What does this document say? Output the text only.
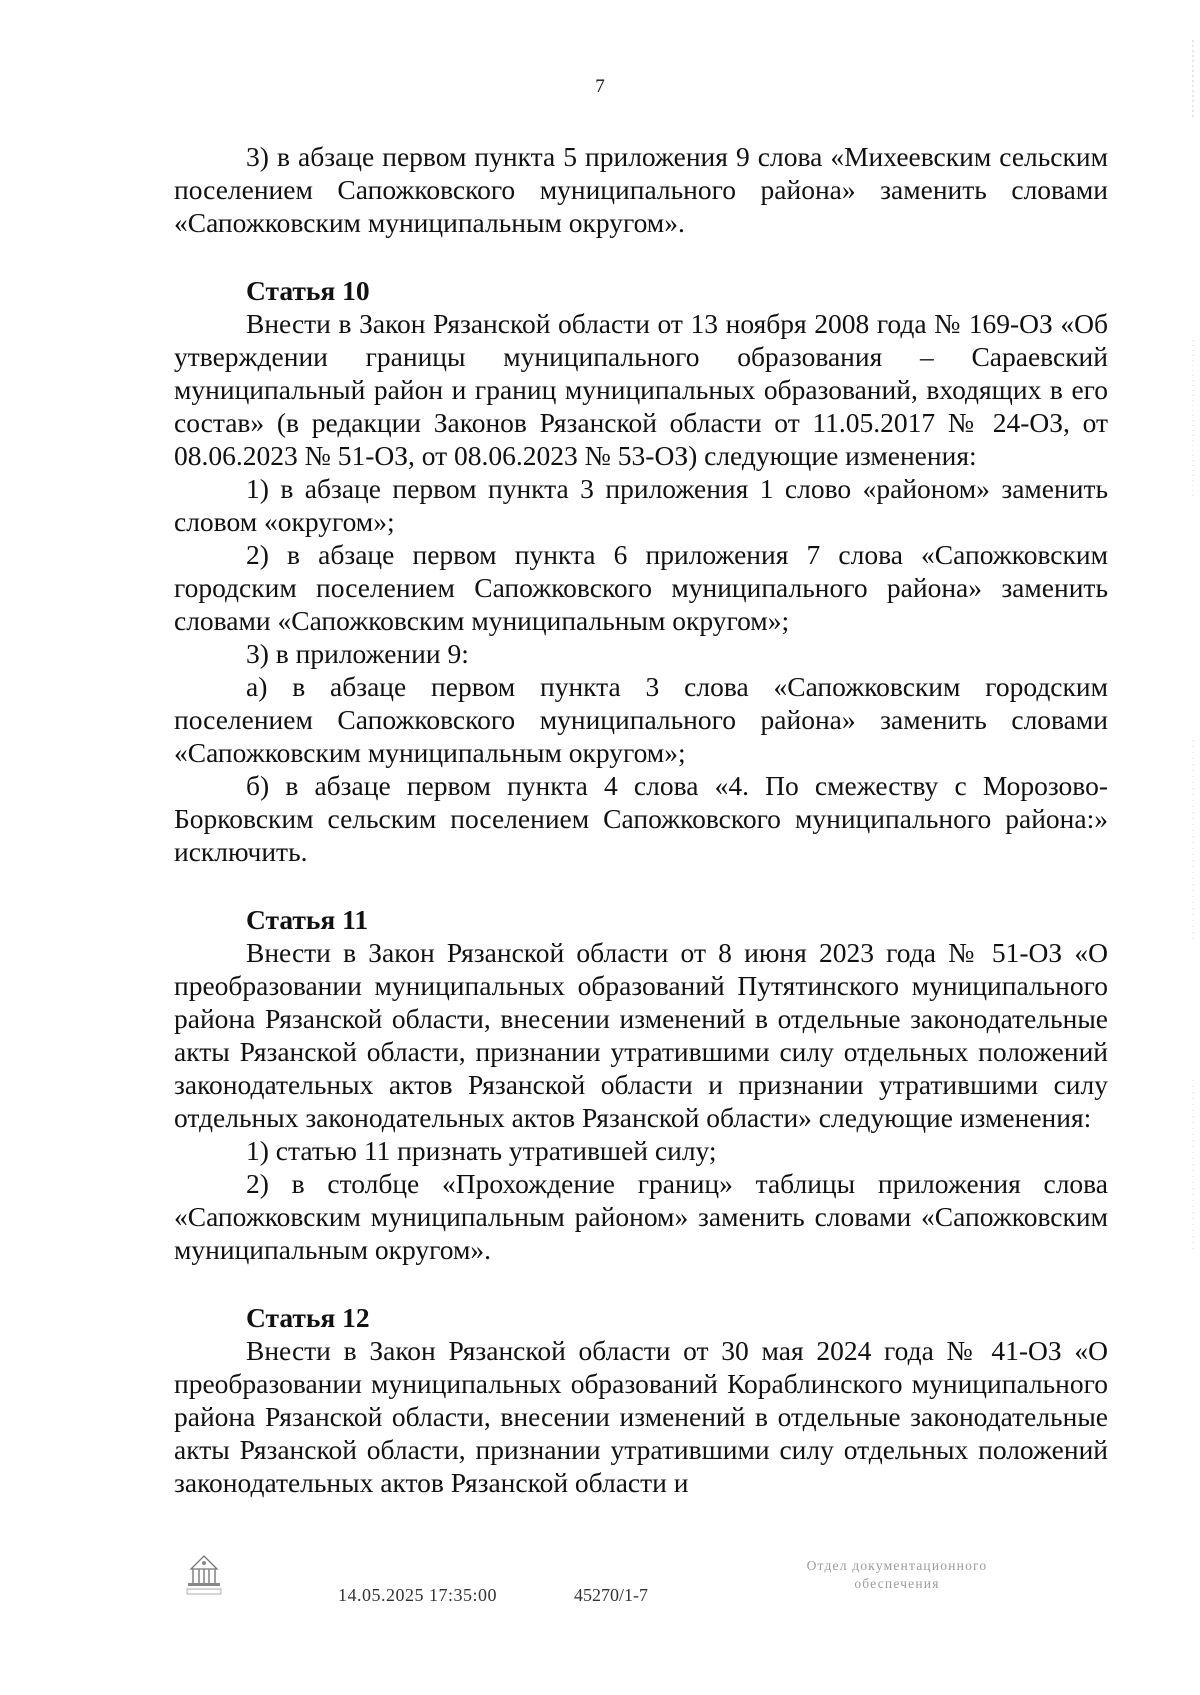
7
3) в абзаце первом пункта 5 приложения 9 слова «Михеевским сельским поселением Сапожковского муниципального района» заменить словами «Сапожковским муниципальным округом».
Статья 10
Внести в Закон Рязанской области от 13 ноября 2008 года № 169-ОЗ «Об утверждении границы муниципального образования – Сараевский муниципальный район и границ муниципальных образований, входящих в его состав» (в редакции Законов Рязанской области от 11.05.2017 № 24-ОЗ, от 08.06.2023 № 51-ОЗ, от 08.06.2023 № 53-ОЗ) следующие изменения:
1) в абзаце первом пункта 3 приложения 1 слово «районом» заменить словом «округом»;
2) в абзаце первом пункта 6 приложения 7 слова «Сапожковским городским поселением Сапожковского муниципального района» заменить словами «Сапожковским муниципальным округом»;
3) в приложении 9:
а) в абзаце первом пункта 3 слова «Сапожковским городским поселением Сапожковского муниципального района» заменить словами «Сапожковским муниципальным округом»;
б) в абзаце первом пункта 4 слова «4. По смежеству с Морозово-Борковским сельским поселением Сапожковского муниципального района:» исключить.
Статья 11
Внести в Закон Рязанской области от 8 июня 2023 года № 51-ОЗ «О преобразовании муниципальных образований Путятинского муниципального района Рязанской области, внесении изменений в отдельные законодательные акты Рязанской области, признании утратившими силу отдельных положений законодательных актов Рязанской области и признании утратившими силу отдельных законодательных актов Рязанской области» следующие изменения:
1) статью 11 признать утратившей силу;
2) в столбце «Прохождение границ» таблицы приложения слова «Сапожковским муниципальным районом» заменить словами «Сапожковским муниципальным округом».
Статья 12
Внести в Закон Рязанской области от 30 мая 2024 года № 41-ОЗ «О преобразовании муниципальных образований Кораблинского муниципального района Рязанской области, внесении изменений в отдельные законодательные акты Рязанской области, признании утратившими силу отдельных положений законодательных актов Рязанской области и
14.05.2025 17:35:00	45270/1-7
Отдел документационного
обеспечения
